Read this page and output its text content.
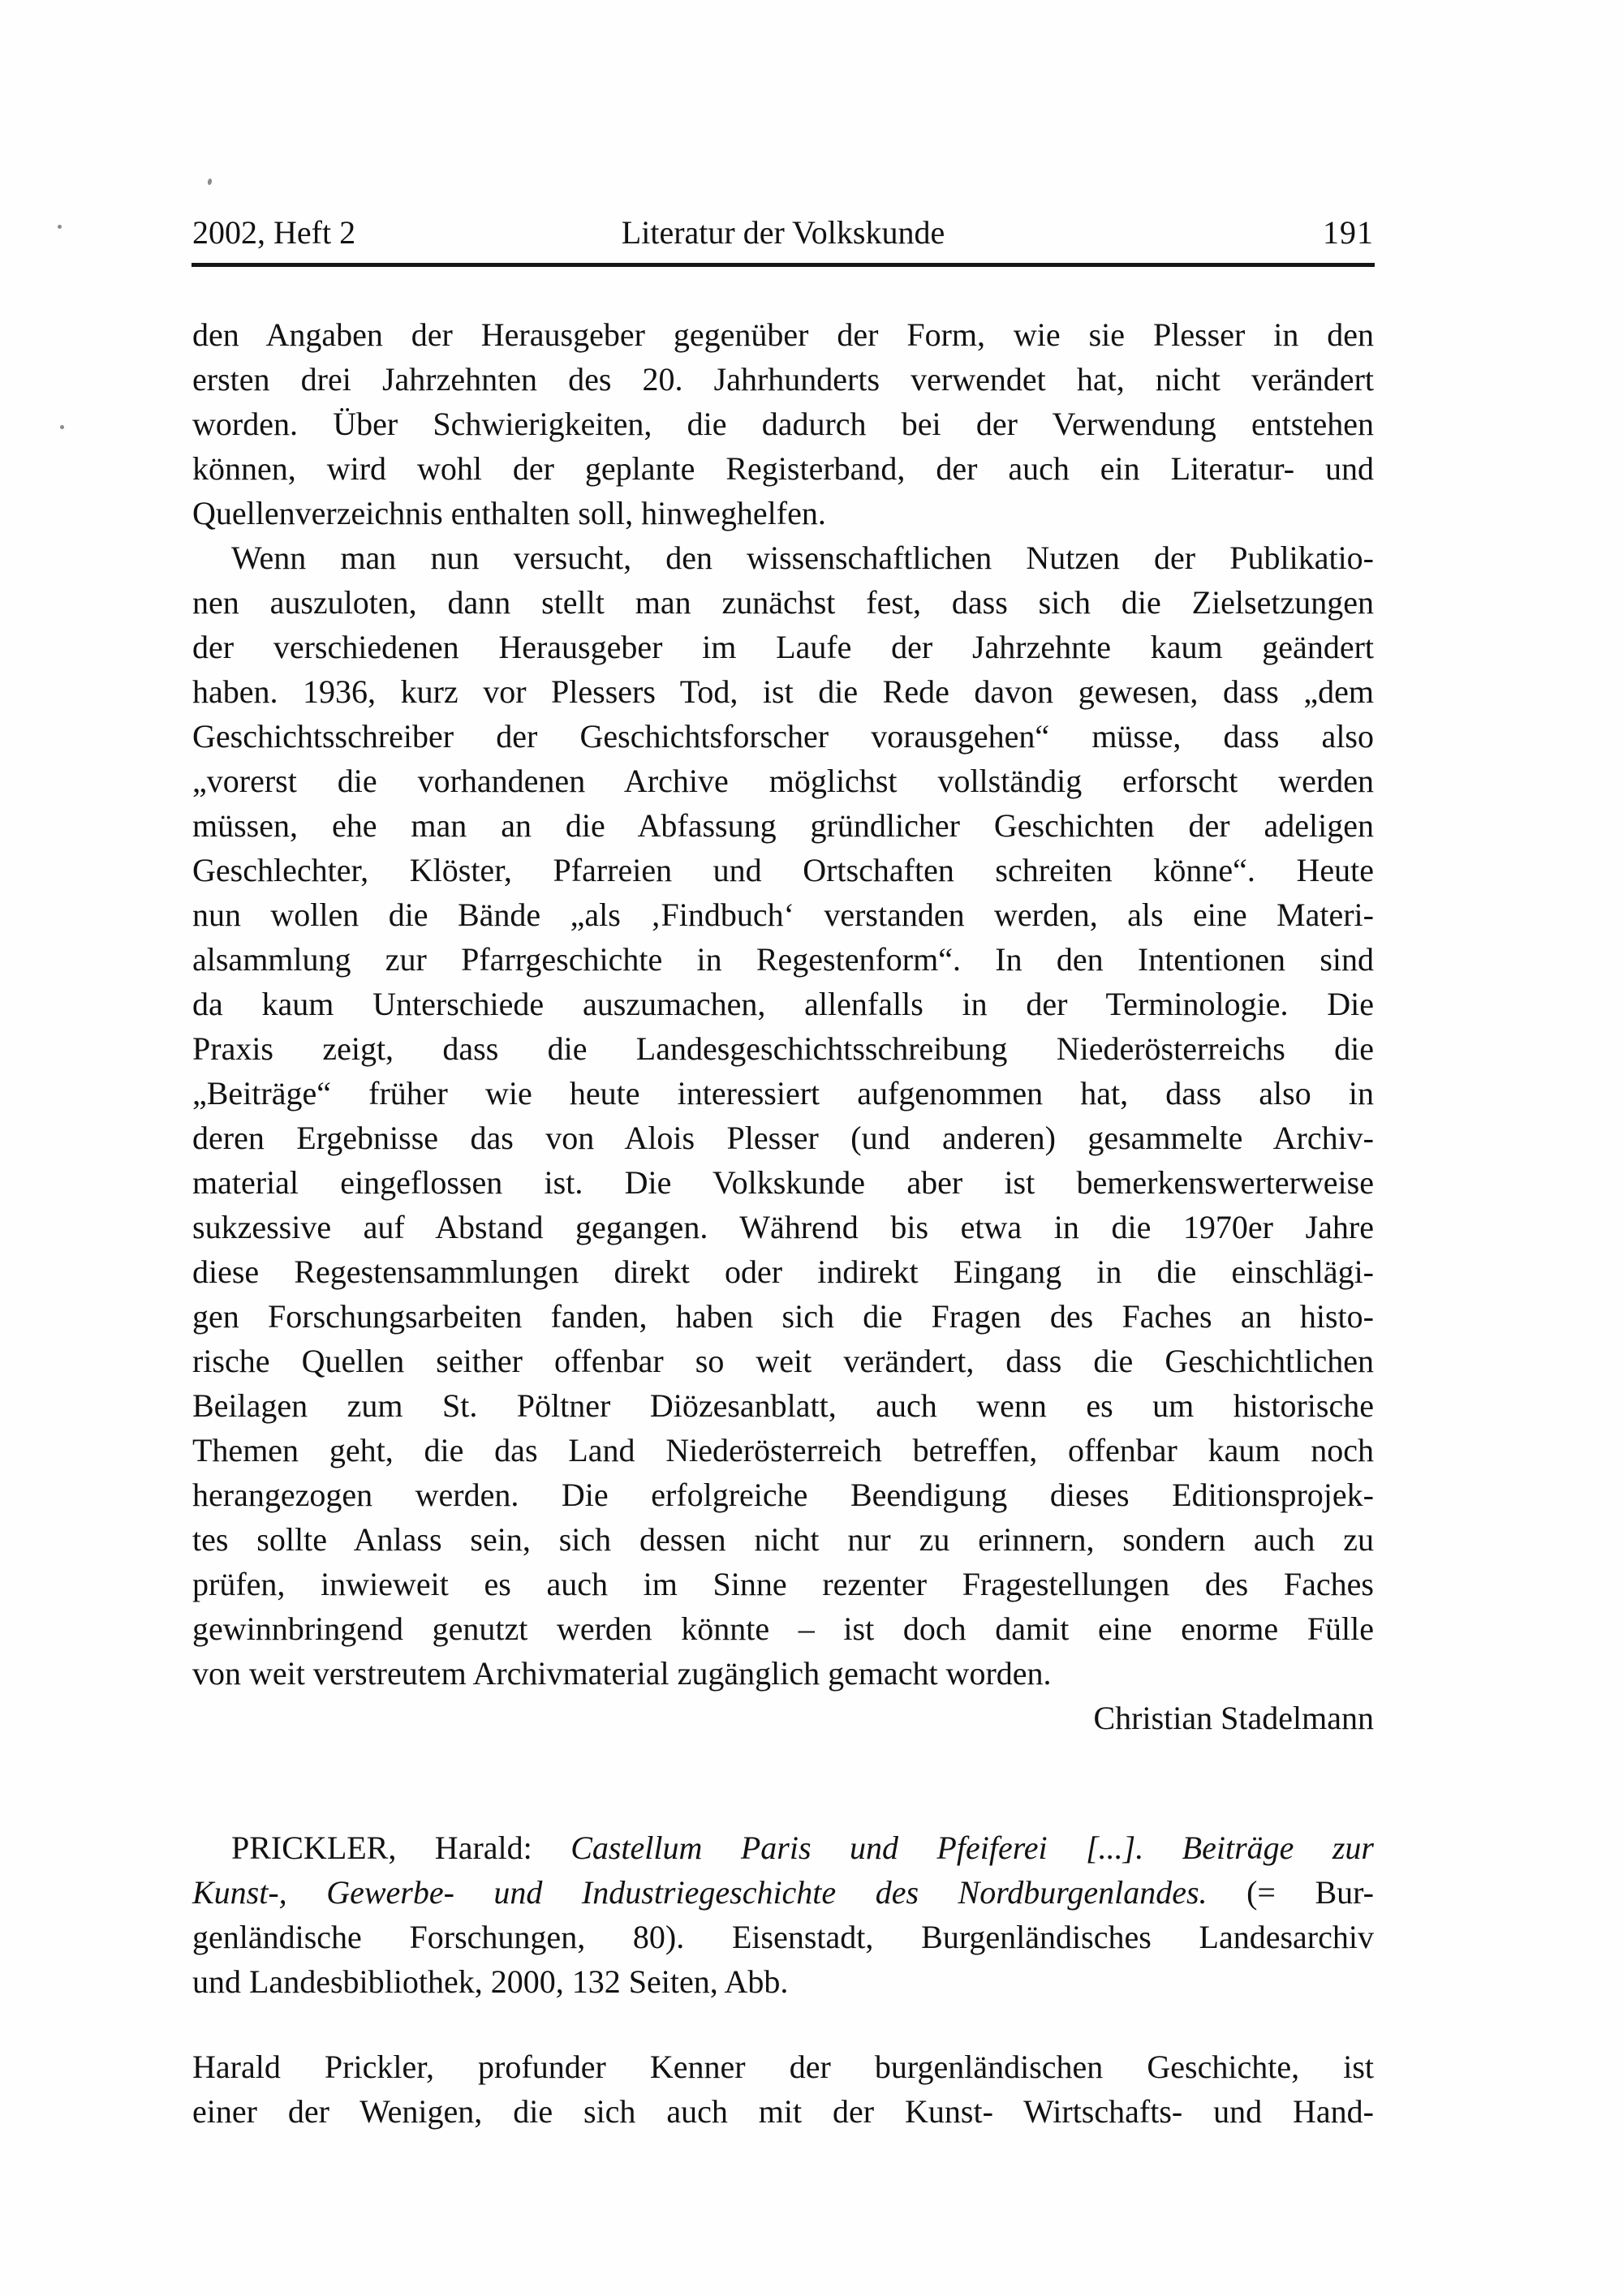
2002, Heft 2	Literatur der Volkskunde	191
den Angaben der Herausgeber gegenüber der Form, wie sie Plesser in den
ersten drei Jahrzehnten des 20. Jahrhunderts verwendet hat, nicht verändert
worden. Über Schwierigkeiten, die dadurch bei der Verwendung entstehen
können, wird wohl der geplante Registerband, der auch ein Literatur- und
Quellenverzeichnis enthalten soll, hinweghelfen.
Wenn man nun versucht, den wissenschaftlichen Nutzen der Publikatio-
nen auszuloten, dann stellt man zunächst fest, dass sich die Zielsetzungen
der verschiedenen Herausgeber im Laufe der Jahrzehnte kaum geändert
haben. 1936, kurz vor Plessers Tod, ist die Rede davon gewesen, dass „dem
Geschichtsschreiber der Geschichtsforscher vorausgehen“ müsse, dass also
„vorerst die vorhandenen Archive möglichst vollständig erforscht werden
müssen, ehe man an die Abfassung gründlicher Geschichten der adeligen
Geschlechter, Klöster, Pfarreien und Ortschaften schreiten könne“. Heute
nun wollen die Bände „als ‚Findbuch‘ verstanden werden, als eine Materi-
alsammlung zur Pfarrgeschichte in Regestenform“. In den Intentionen sind
da kaum Unterschiede auszumachen, allenfalls in der Terminologie. Die
Praxis zeigt, dass die Landesgeschichtsschreibung Niederösterreichs die
„Beiträge“ früher wie heute interessiert aufgenommen hat, dass also in
deren Ergebnisse das von Alois Plesser (und anderen) gesammelte Archiv-
material eingeflossen ist. Die Volkskunde aber ist bemerkenswerterweise
sukzessive auf Abstand gegangen. Während bis etwa in die 1970er Jahre
diese Regestensammlungen direkt oder indirekt Eingang in die einschlägi-
gen Forschungsarbeiten fanden, haben sich die Fragen des Faches an histo-
rische Quellen seither offenbar so weit verändert, dass die Geschichtlichen
Beilagen zum St. Pöltner Diözesanblatt, auch wenn es um historische
Themen geht, die das Land Niederösterreich betreffen, offenbar kaum noch
herangezogen werden. Die erfolgreiche Beendigung dieses Editionsprojek-
tes sollte Anlass sein, sich dessen nicht nur zu erinnern, sondern auch zu
prüfen, inwieweit es auch im Sinne rezenter Fragestellungen des Faches
gewinnbringend genutzt werden könnte – ist doch damit eine enorme Fülle
von weit verstreutem Archivmaterial zugänglich gemacht worden.
Christian Stadelmann
PRICKLER, Harald: Castellum Paris und Pfeiferei [...]. Beiträge zur
Kunst-, Gewerbe- und Industriegeschichte des Nordburgenlandes. (= Bur-
genländische Forschungen, 80). Eisenstadt, Burgenländisches Landesarchiv
und Landesbibliothek, 2000, 132 Seiten, Abb.
Harald Prickler, profunder Kenner der burgenländischen Geschichte, ist
einer der Wenigen, die sich auch mit der Kunst- Wirtschafts- und Hand-
